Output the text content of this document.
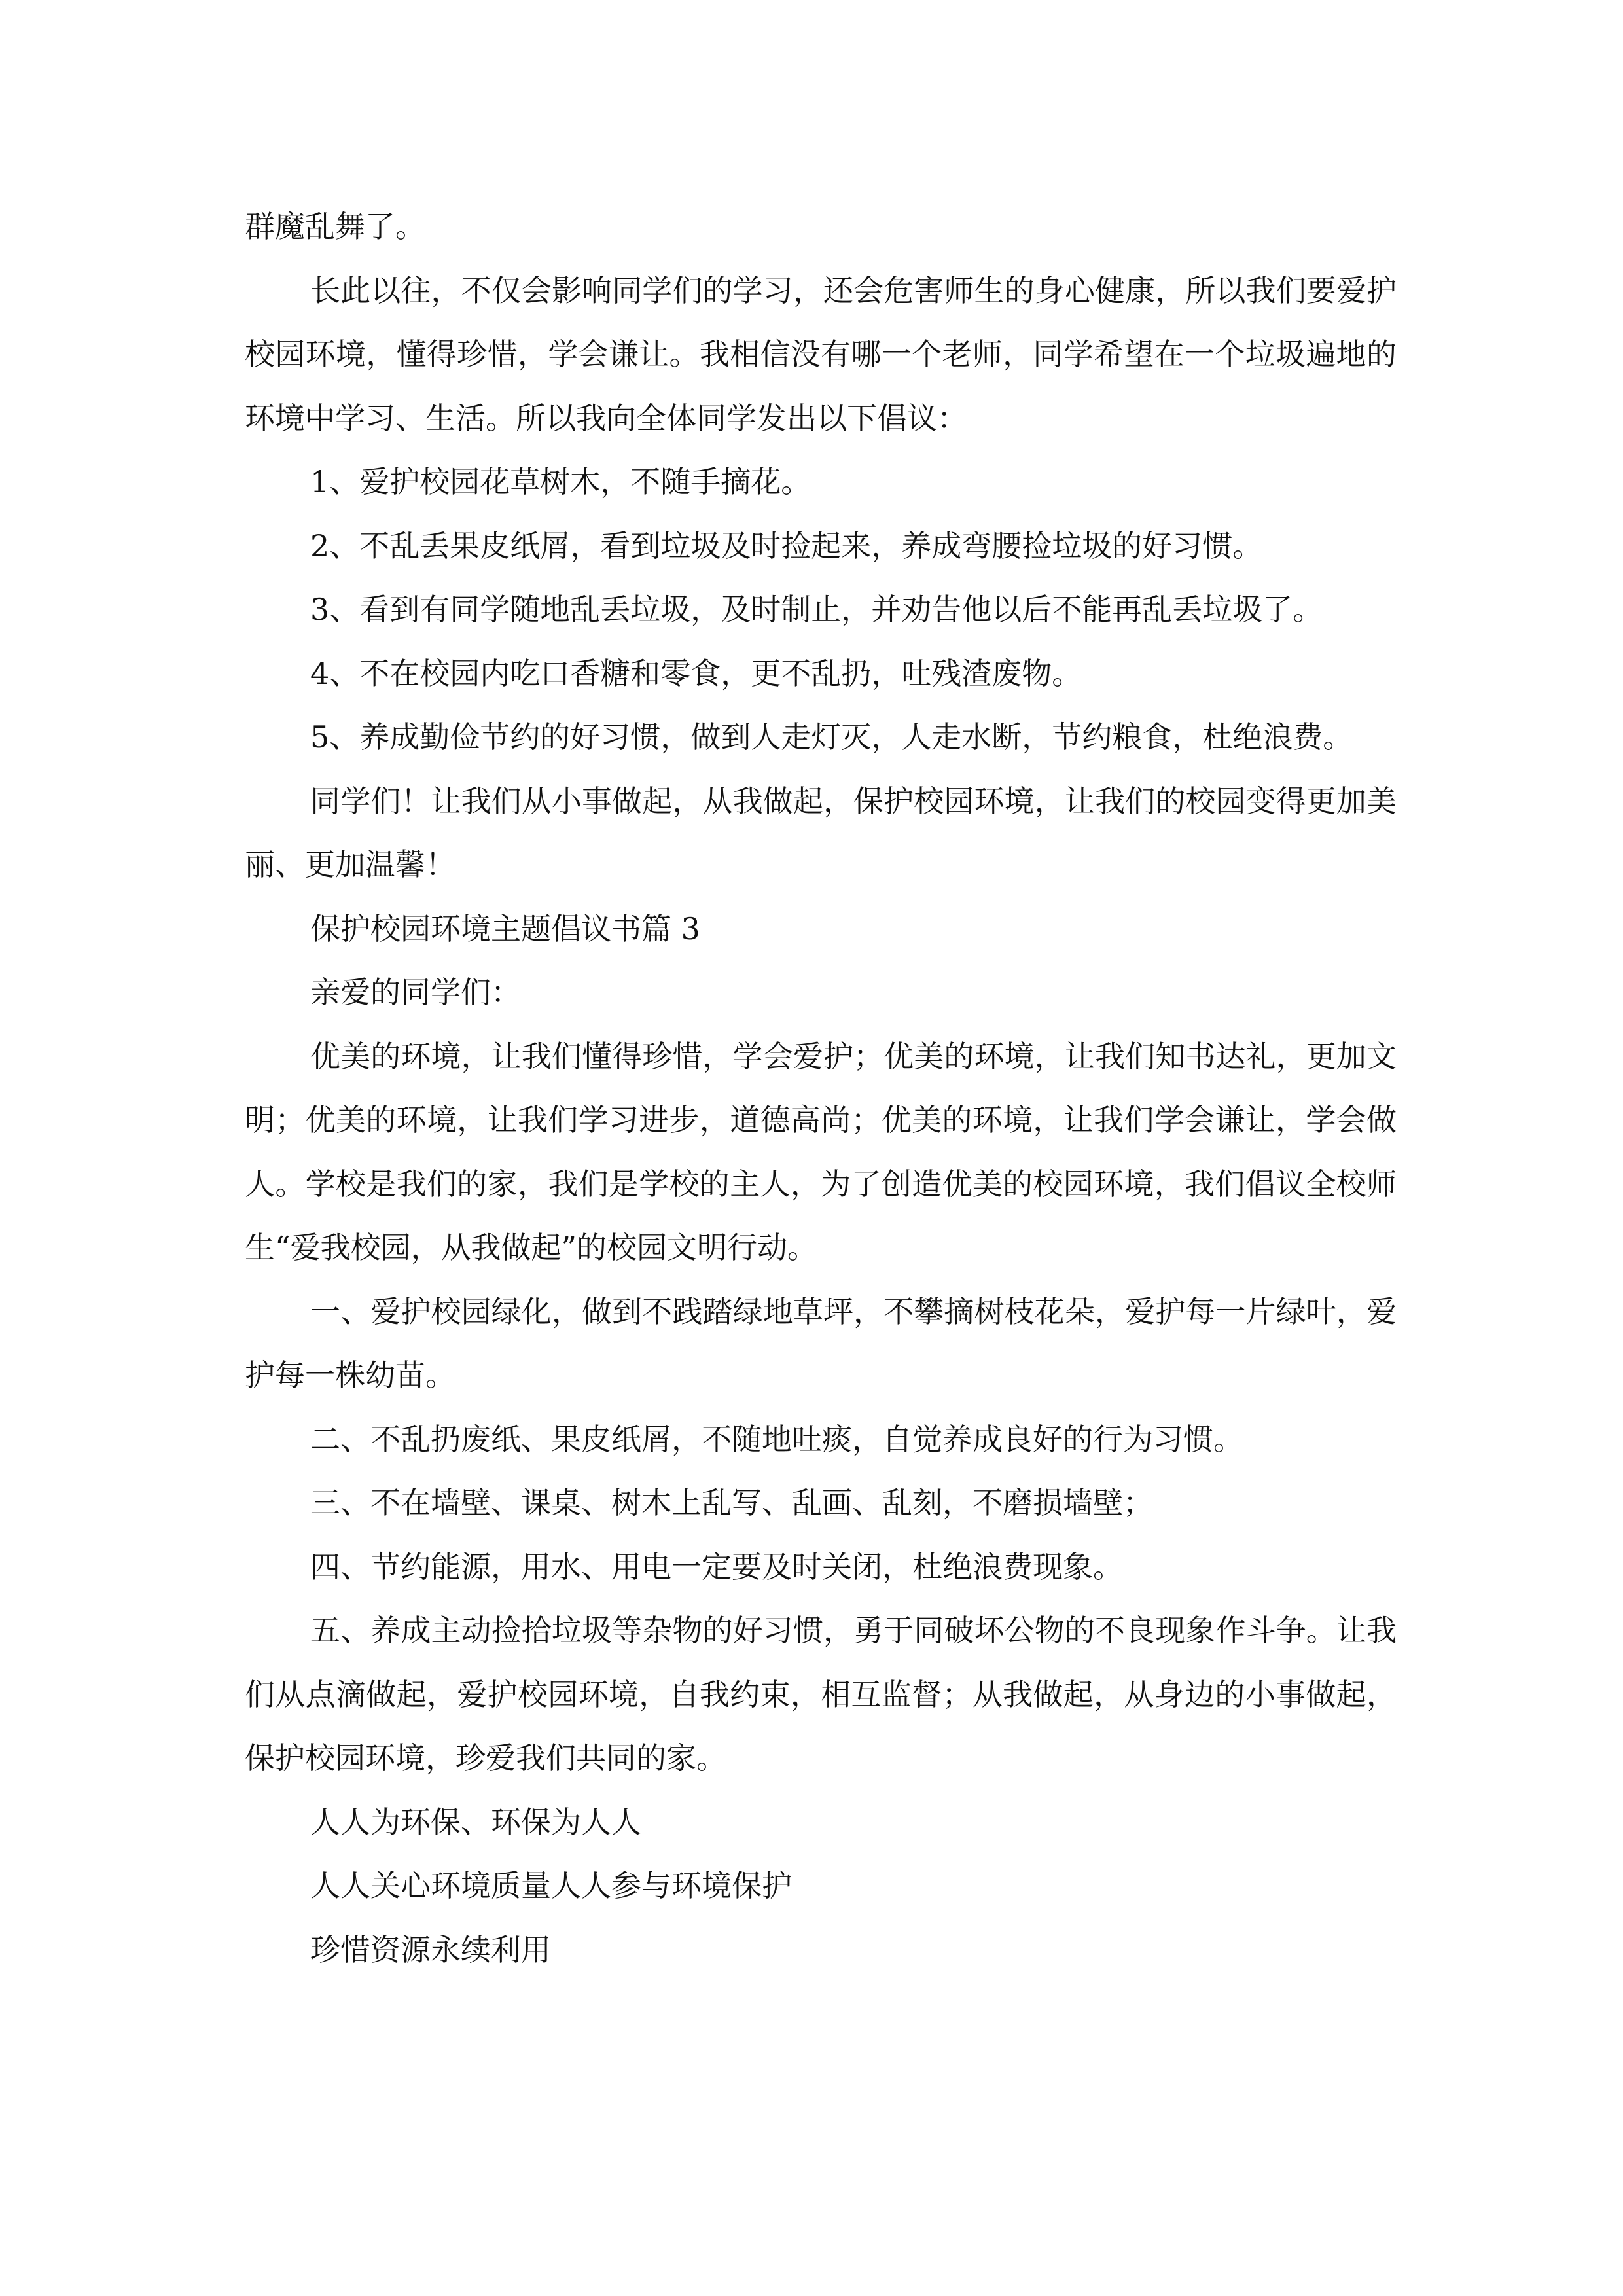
群魔乱舞了。

长此以往，不仅会影响同学们的学习，还会危害师生的身心健康，所以我们要爱护校园环境，懂得珍惜，学会谦让。我相信没有哪一个老师，同学希望在一个垃圾遍地的环境中学习、生活。所以我向全体同学发出以下倡议：

1、爱护校园花草树木，不随手摘花。

2、不乱丢果皮纸屑，看到垃圾及时捡起来，养成弯腰捡垃圾的好习惯。

3、看到有同学随地乱丢垃圾，及时制止，并劝告他以后不能再乱丢垃圾了。

4、不在校园内吃口香糖和零食，更不乱扔，吐残渣废物。

5、养成勤俭节约的好习惯，做到人走灯灭，人走水断，节约粮食，杜绝浪费。

同学们！让我们从小事做起，从我做起，保护校园环境，让我们的校园变得更加美丽、更加温馨！

保护校园环境主题倡议书篇 3

亲爱的同学们：

优美的环境，让我们懂得珍惜，学会爱护；优美的环境，让我们知书达礼，更加文明；优美的环境，让我们学习进步，道德高尚；优美的环境，让我们学会谦让，学会做人。学校是我们的家，我们是学校的主人，为了创造优美的校园环境，我们倡议全校师生“爱我校园，从我做起”的校园文明行动。

一、爱护校园绿化，做到不践踏绿地草坪，不攀摘树枝花朵，爱护每一片绿叶，爱护每一株幼苗。

二、不乱扔废纸、果皮纸屑，不随地吐痰，自觉养成良好的行为习惯。

三、不在墙壁、课桌、树木上乱写、乱画、乱刻，不磨损墙壁；

四、节约能源，用水、用电一定要及时关闭，杜绝浪费现象。

五、养成主动捡拾垃圾等杂物的好习惯，勇于同破坏公物的不良现象作斗争。让我们从点滴做起，爱护校园环境，自我约束，相互监督；从我做起，从身边的小事做起，保护校园环境，珍爱我们共同的家。

人人为环保、环保为人人

人人关心环境质量人人参与环境保护

珍惜资源永续利用
